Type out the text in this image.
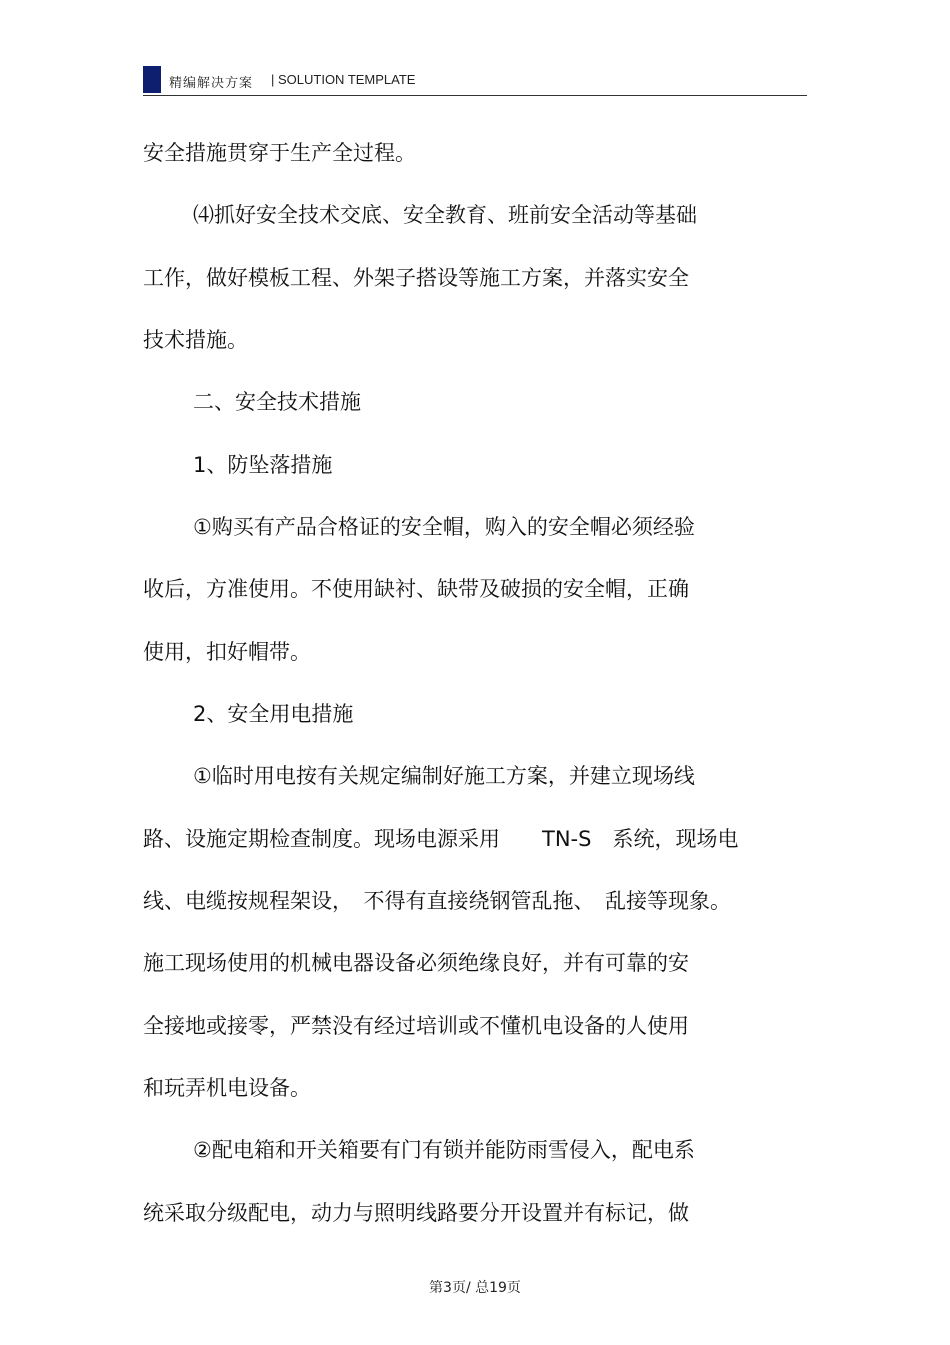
精编解决方案 | SOLUTION TEMPLATE
安全措施贯穿于生产全过程。
⑷抓好安全技术交底、安全教育、班前安全活动等基础
工作，做好模板工程、外架子搭设等施工方案，并落实安全
技术措施。
二、安全技术措施
1、防坠落措施
①购买有产品合格证的安全帽，购入的安全帽必须经验
收后，方准使用。不使用缺衬、缺带及破损的安全帽，正确
使用，扣好帽带。
2、安全用电措施
①临时用电按有关规定编制好施工方案，并建立现场线
路、设施定期检查制度。现场电源采用　　TN-S　系统，现场电
线、电缆按规程架设，　不得有直接绕钢管乱拖、　乱接等现象。
施工现场使用的机械电器设备必须绝缘良好，并有可靠的安
全接地或接零，严禁没有经过培训或不懂机电设备的人使用
和玩弄机电设备。
②配电箱和开关箱要有门有锁并能防雨雪侵入，配电系
统采取分级配电，动力与照明线路要分开设置并有标记，做
第3页/ 总19页
